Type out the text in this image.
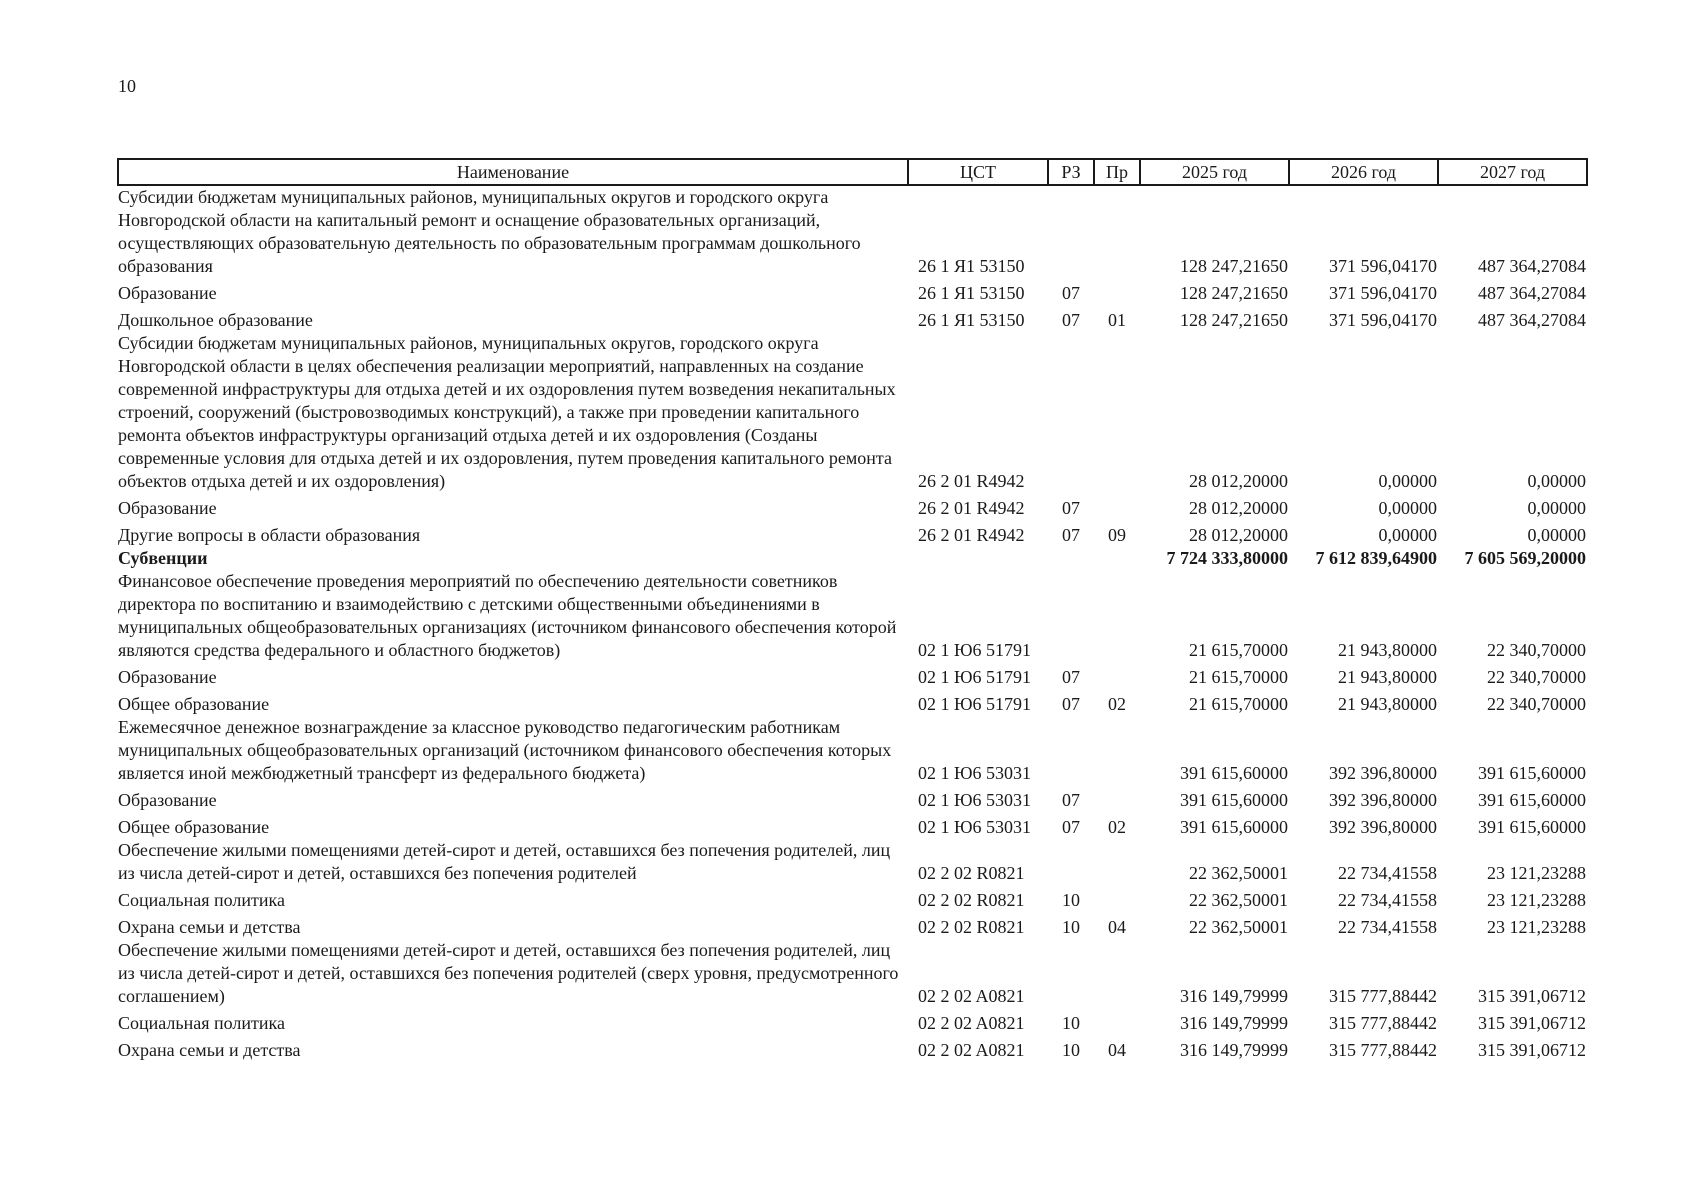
10
Наименование	ЦСТ	РЗ	Пр	2025 год	2026 год	2027 год
Субсидии бюджетам муниципальных районов, муниципальных округов и городского округа Новгородской области на капитальный ремонт и оснащение образовательных организаций, осуществляющих образовательную деятельность по образовательным программам дошкольного образования	26 1 Я1 53150			128 247,21650	371 596,04170	487 364,27084
Образование	26 1 Я1 53150	07		128 247,21650	371 596,04170	487 364,27084
Дошкольное образование	26 1 Я1 53150	07	01	128 247,21650	371 596,04170	487 364,27084
Субсидии бюджетам муниципальных районов, муниципальных округов, городского округа Новгородской области в целях обеспечения реализации мероприятий, направленных на создание современной инфраструктуры для отдыха детей и их оздоровления путем возведения некапитальных строений, сооружений (быстровозводимых конструкций), а также при проведении капитального ремонта объектов инфраструктуры организаций отдыха детей и их оздоровления (Созданы современные условия для отдыха детей и их оздоровления, путем проведения капитального ремонта объектов отдыха детей и их оздоровления)	26 2 01 R4942			28 012,20000	0,00000	0,00000
Образование	26 2 01 R4942	07		28 012,20000	0,00000	0,00000
Другие вопросы в области образования	26 2 01 R4942	07	09	28 012,20000	0,00000	0,00000
Субвенции				7 724 333,80000	7 612 839,64900	7 605 569,20000
Финансовое обеспечение проведения мероприятий по обеспечению деятельности советников директора по воспитанию и взаимодействию с детскими общественными объединениями в муниципальных общеобразовательных организациях (источником финансового обеспечения которой являются средства федерального и областного бюджетов)	02 1 Ю6 51791			21 615,70000	21 943,80000	22 340,70000
Образование	02 1 Ю6 51791	07		21 615,70000	21 943,80000	22 340,70000
Общее образование	02 1 Ю6 51791	07	02	21 615,70000	21 943,80000	22 340,70000
Ежемесячное денежное вознаграждение за классное руководство педагогическим работникам муниципальных общеобразовательных организаций (источником финансового обеспечения которых является иной межбюджетный трансферт из федерального бюджета)	02 1 Ю6 53031			391 615,60000	392 396,80000	391 615,60000
Образование	02 1 Ю6 53031	07		391 615,60000	392 396,80000	391 615,60000
Общее образование	02 1 Ю6 53031	07	02	391 615,60000	392 396,80000	391 615,60000
Обеспечение жилыми помещениями детей-сирот и детей, оставшихся без попечения родителей, лиц из числа детей-сирот и детей, оставшихся без попечения родителей	02 2 02 R0821			22 362,50001	22 734,41558	23 121,23288
Социальная политика	02 2 02 R0821	10		22 362,50001	22 734,41558	23 121,23288
Охрана семьи и детства	02 2 02 R0821	10	04	22 362,50001	22 734,41558	23 121,23288
Обеспечение жилыми помещениями детей-сирот и детей, оставшихся без попечения родителей, лиц из числа детей-сирот и детей, оставшихся без попечения родителей (сверх уровня, предусмотренного соглашением)	02 2 02 A0821			316 149,79999	315 777,88442	315 391,06712
Социальная политика	02 2 02 A0821	10		316 149,79999	315 777,88442	315 391,06712
Охрана семьи и детства	02 2 02 A0821	10	04	316 149,79999	315 777,88442	315 391,06712
